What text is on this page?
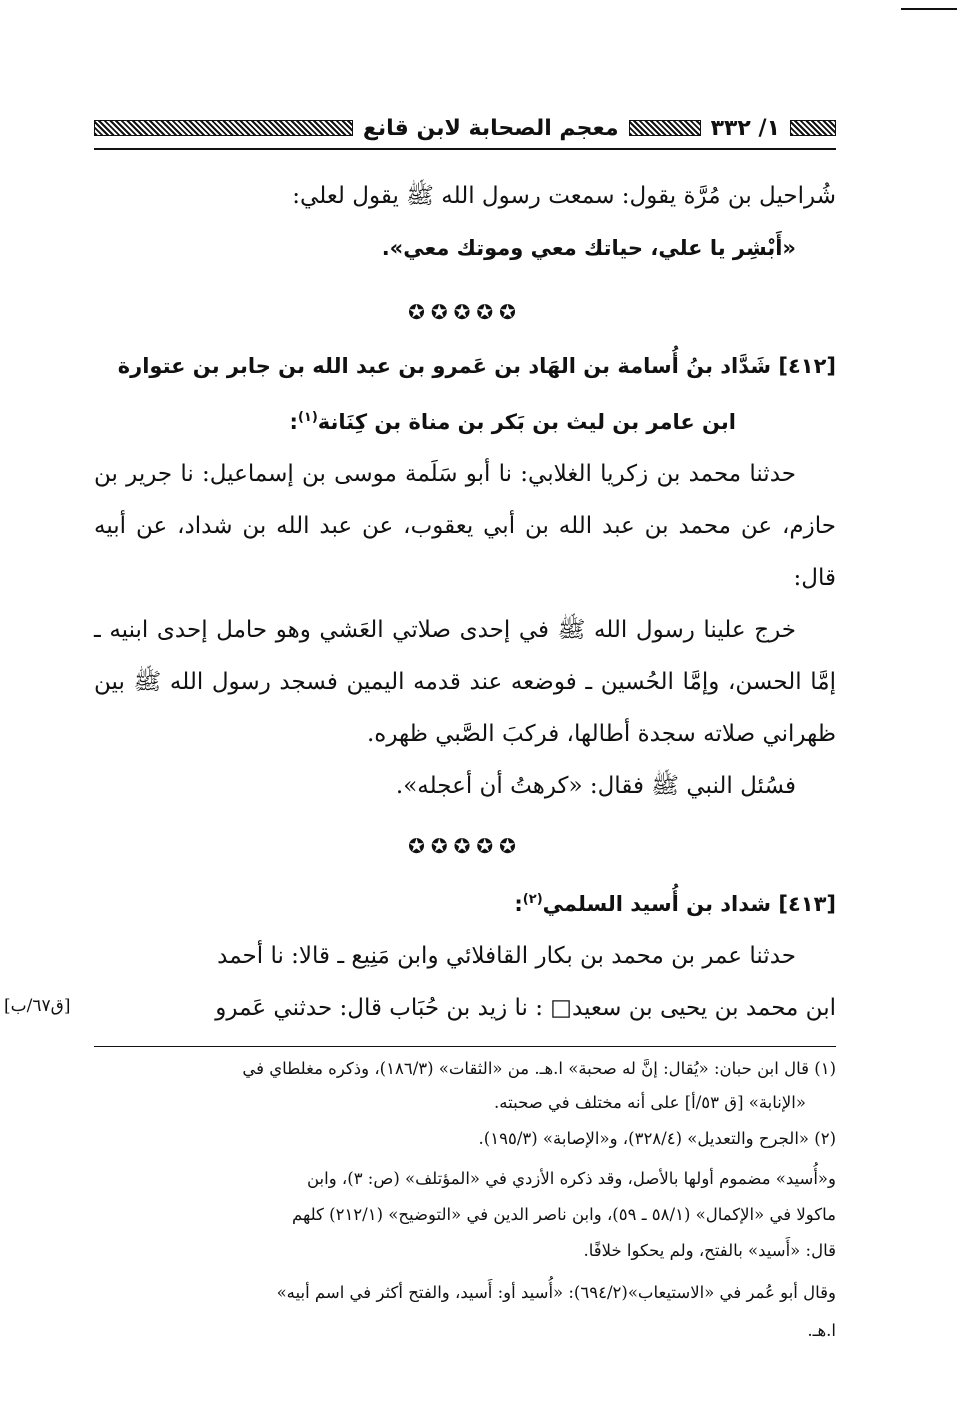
١/ ٣٣٢
معجم الصحابة لابن قانع
شُراحيل بن مُرَّة يقول: سمعت رسول الله ﷺ يقول لعلي:
«أَبْشِر يا علي، حياتك معي وموتك معي».
✪✪✪✪✪
[٤١٢] شَدَّاد بنُ أُسامة بن الهَاد بن عَمرو بن عبد الله بن جابر بن عتوارة
ابن عامر بن ليث بن بَكر بن مناة بن كِنَانة$^{(١)}$:
حدثنا محمد بن زكريا الغلابي: نا أبو سَلَمة موسى بن إسماعيل: نا جرير بن حازم، عن محمد بن عبد الله بن أبي يعقوب، عن عبد الله بن شداد، عن أبيه قال:
خرج علينا رسول الله ﷺ في إحدى صلاتي العَشي وهو حامل إحدى ابنيه ـ إمَّا الحسن، وإمَّا الحُسين ـ فوضعه عند قدمه اليمين فسجد رسول الله ﷺ بين ظهراني صلاته سجدة أطالها، فركبَ الصَّبي ظهره.
فسُئل النبي ﷺ فقال: «كرهتُ أن أعجله».
✪✪✪✪✪
[٤١٣] شداد بن أُسيد السلمي$^{(٢)}$:
حدثنا عمر بن محمد بن بكار القافلائي وابن مَنِيع ـ قالا: نا أحمد
ابن محمد بن يحيى بن سعيد□ : نا زيد بن حُبَاب قال: حدثني عَمرو
[ق٦٧/ب]
(١) قال ابن حبان: «يُقال: إنَّ له صحبة» ا.هـ. من «الثقات» (١٨٦/٣)، وذكره مغلطاي في
«الإنابة» [ق ٥٣/أ] على أنه مختلف في صحبته.
(٢) «الجرح والتعديل» (٣٢٨/٤)، و«الإصابة» (١٩٥/٣).
و«أُسيد» مضموم أولها بالأصل، وقد ذكره الأزدي في «المؤتلف» (ص: ٣)، وابن
ماكولا في «الإكمال» (٥٨/١ ـ ٥٩)، وابن ناصر الدين في «التوضيح» (٢١٢/١) كلهم
قال: «أَسيد» بالفتح، ولم يحكوا خلافًا.
وقال أبو عُمر في «الاستيعاب»(٦٩٤/٢): «أُسيد أو: أَسيد، والفتح أكثر في اسم أبيه»
ا.هـ.
